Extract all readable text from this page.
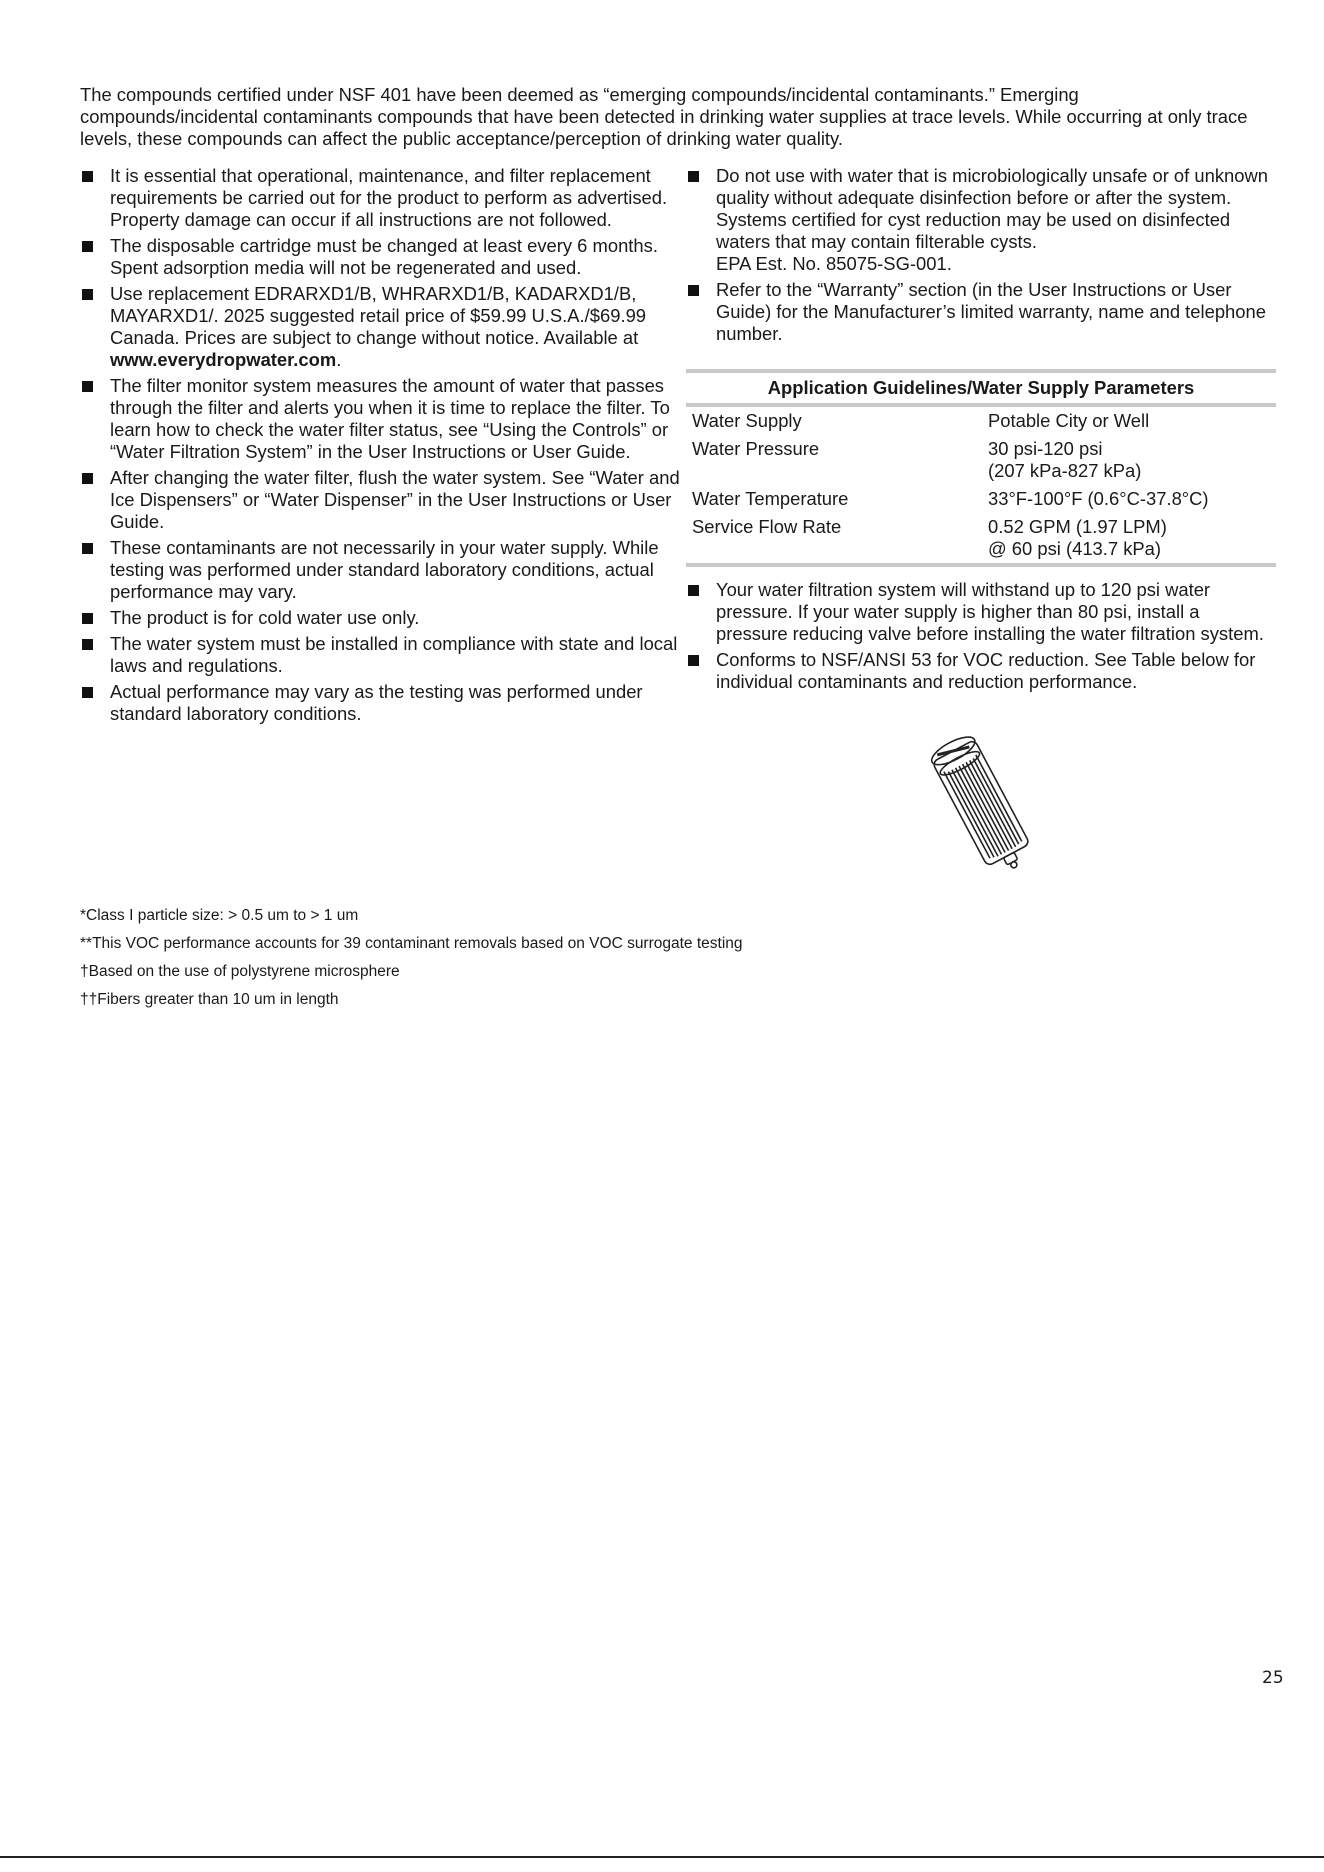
The compounds certified under NSF 401 have been deemed as “emerging compounds/incidental contaminants.” Emerging compounds/incidental contaminants compounds that have been detected in drinking water supplies at trace levels. While occurring at only trace levels, these compounds can affect the public acceptance/perception of drinking water quality.

It is essential that operational, maintenance, and filter replacement requirements be carried out for the product to perform as advertised. Property damage can occur if all instructions are not followed.
The disposable cartridge must be changed at least every 6 months. Spent adsorption media will not be regenerated and used.
Use replacement EDRARXD1/B, WHRARXD1/B, KADARXD1/B, MAYARXD1/. 2025 suggested retail price of $59.99 U.S.A./$69.99 Canada. Prices are subject to change without notice. Available at www.everydropwater.com.
The filter monitor system measures the amount of water that passes through the filter and alerts you when it is time to replace the filter. To learn how to check the water filter status, see “Using the Controls” or “Water Filtration System” in the User Instructions or User Guide.
After changing the water filter, flush the water system. See “Water and Ice Dispensers” or “Water Dispenser” in the User Instructions or User Guide.
These contaminants are not necessarily in your water supply. While testing was performed under standard laboratory conditions, actual performance may vary.
The product is for cold water use only.
The water system must be installed in compliance with state and local laws and regulations.
Actual performance may vary as the testing was performed under standard laboratory conditions.
Do not use with water that is microbiologically unsafe or of unknown quality without adequate disinfection before or after the system. Systems certified for cyst reduction may be used on disinfected waters that may contain filterable cysts.
EPA Est. No. 85075-SG-001.
Refer to the “Warranty” section (in the User Instructions or User Guide) for the Manufacturer’s limited warranty, name and telephone number.
Application Guidelines/Water Supply Parameters
Water Supply	Potable City or Well
Water Pressure	30 psi-120 psi
(207 kPa-827 kPa)
Water Temperature	33°F-100°F (0.6°C-37.8°C)
Service Flow Rate	0.52 GPM (1.97 LPM)
@ 60 psi (413.7 kPa)
Your water filtration system will withstand up to 120 psi water pressure. If your water supply is higher than 80 psi, install a pressure reducing valve before installing the water filtration system.
Conforms to NSF/ANSI 53 for VOC reduction. See Table below for individual contaminants and reduction performance.
*Class I particle size: > 0.5 um to > 1 um
**This VOC performance accounts for 39 contaminant removals based on VOC surrogate testing
†Based on the use of polystyrene microsphere
††Fibers greater than 10 um in length
25
